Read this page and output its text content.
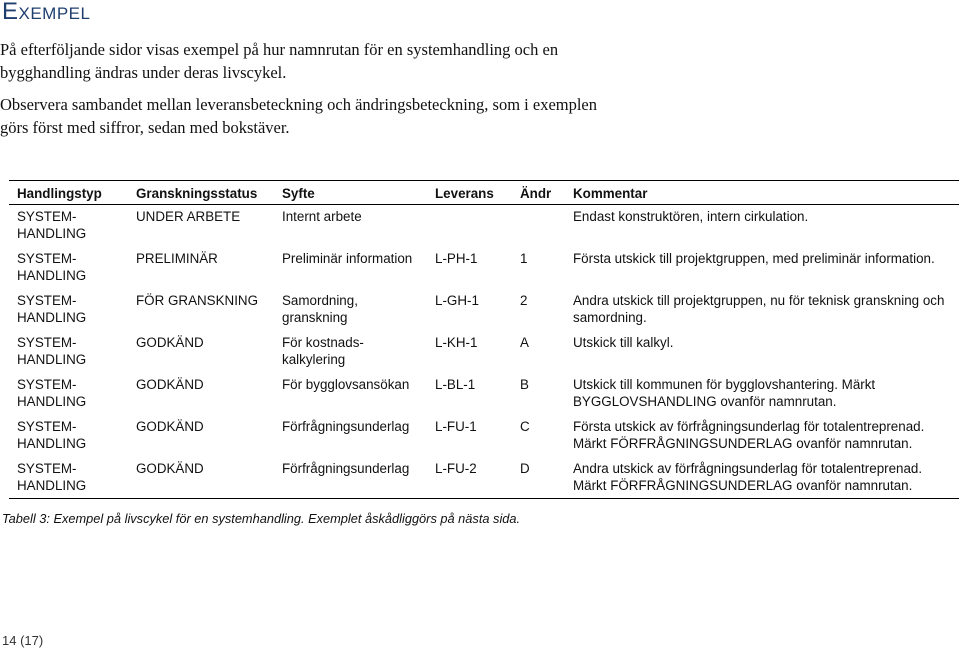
Exempel

På efterföljande sidor visas exempel på hur namnrutan för en systemhandling och en bygghandling ändras under deras livscykel.

Observera sambandet mellan leveransbeteckning och ändringsbeteckning, som i exemplen görs först med siffror, sedan med bokstäver.

Handlingstyp	Granskningsstatus	Syfte	Leverans	Ändr	Kommentar
SYSTEM-HANDLING	UNDER ARBETE	Internt arbete			Endast konstruktören, intern cirkulation.
SYSTEM-HANDLING	PRELIMINÄR	Preliminär information	L-PH-1	1	Första utskick till projektgruppen, med preliminär information.
SYSTEM-HANDLING	FÖR GRANSKNING	Samordning, granskning	L-GH-1	2	Andra utskick till projektgruppen, nu för teknisk granskning och samordning.
SYSTEM-HANDLING	GODKÄND	För kostnads-kalkylering	L-KH-1	A	Utskick till kalkyl.
SYSTEM-HANDLING	GODKÄND	För bygglovsansökan	L-BL-1	B	Utskick till kommunen för bygglovshantering. Märkt BYGGLOVSHANDLING ovanför namnrutan.
SYSTEM-HANDLING	GODKÄND	Förfrågningsunderlag	L-FU-1	C	Första utskick av förfrågningsunderlag för totalentreprenad. Märkt FÖRFRÅGNINGSUNDERLAG ovanför namnrutan.
SYSTEM-HANDLING	GODKÄND	Förfrågningsunderlag	L-FU-2	D	Andra utskick av förfrågningsunderlag för totalentreprenad. Märkt FÖRFRÅGNINGSUNDERLAG ovanför namnrutan.

Tabell 3: Exempel på livscykel för en systemhandling. Exemplet åskådliggörs på nästa sida.

14 (17)
